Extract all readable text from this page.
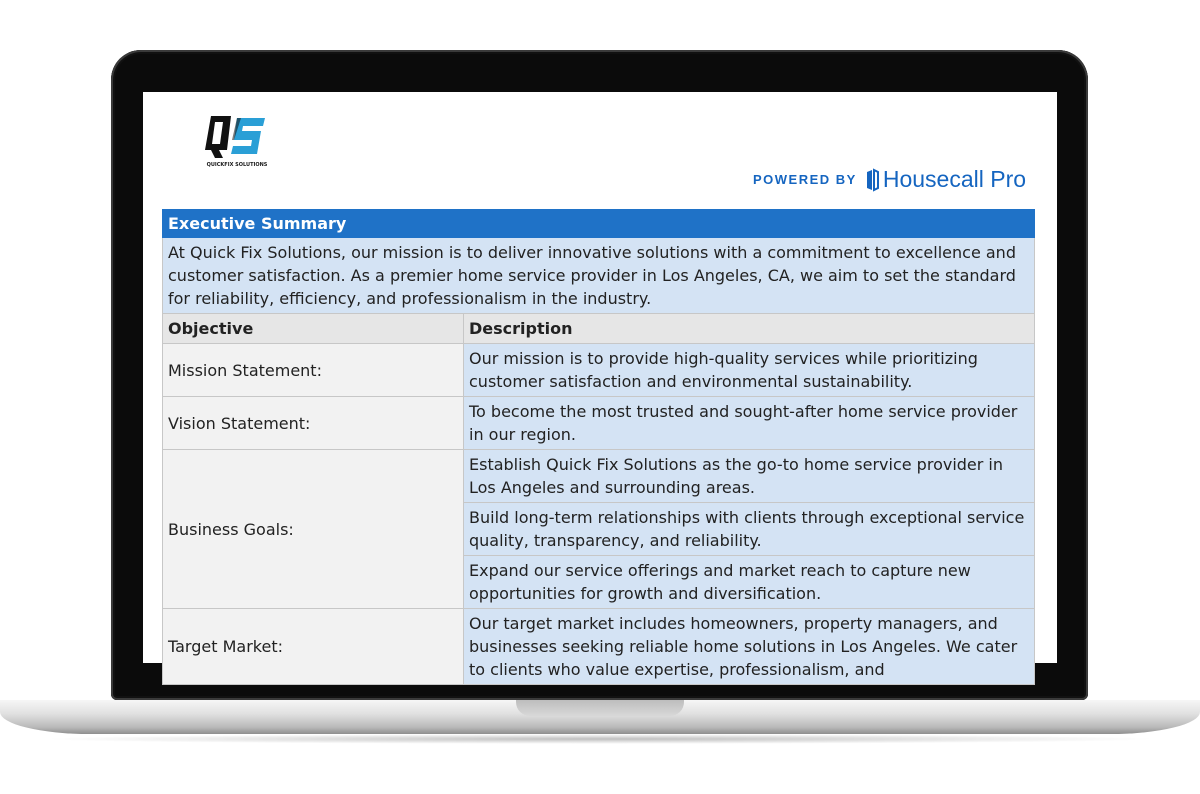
QUICKFIX SOLUTIONS
POWERED BY Housecall Pro
Executive Summary	
At Quick Fix Solutions, our mission is to deliver innovative solutions with a commitment to excellence and customer satisfaction. As a premier home service provider in Los Angeles, CA, we aim to set the standard for reliability, efficiency, and professionalism in the industry.	
Objective	Description
Mission Statement:	Our mission is to provide high-quality services while prioritizing customer satisfaction and environmental sustainability.
Vision Statement:	To become the most trusted and sought-after home service provider in our region.
Business Goals:	Establish Quick Fix Solutions as the go-to home service provider in Los Angeles and surrounding areas.
	Build long-term relationships with clients through exceptional service quality, transparency, and reliability.
	Expand our service offerings and market reach to capture new opportunities for growth and diversification.
Target Market:	Our target market includes homeowners, property managers, and businesses seeking reliable home solutions in Los Angeles. We cater to clients who value expertise, professionalism, and
